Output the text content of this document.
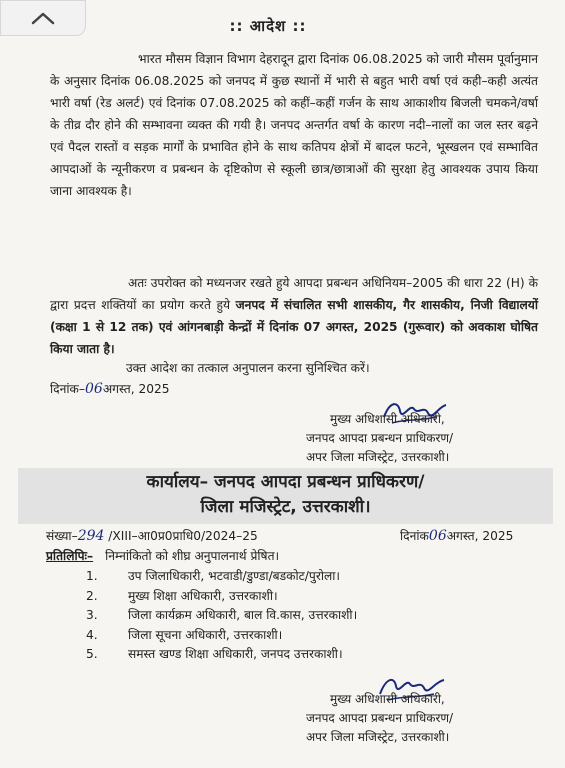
:: आदेश ::
भारत मौसम विज्ञान विभाग देहरादून द्वारा दिनांक 06.08.2025 को जारी मौसम पूर्वानुमान के अनुसार दिनांक 06.08.2025 को जनपद में कुछ स्थानों में भारी से बहुत भारी वर्षा एवं कही–कही अत्यंत भारी वर्षा (रेड अलर्ट) एवं दिनांक 07.08.2025 को कहीं–कहीं गर्जन के साथ आकाशीय बिजली चमकने/वर्षा के तीव्र दौर होने की सम्भावना व्यक्त की गयी है। जनपद अन्तर्गत वर्षा के कारण नदी–नालों का जल स्तर बढ़ने एवं पैदल रास्तों व सड़क मार्गों के प्रभावित होने के साथ कतिपय क्षेत्रों में बादल फटने, भूस्खलन एवं सम्भावित आपदाओं के न्यूनीकरण व प्रबन्धन के दृष्टिकोण से स्कूली छात्र/छात्राओं की सुरक्षा हेतु आवश्यक उपाय किया जाना आवश्यक है।
अतः उपरोक्त को मध्यनजर रखते हुये आपदा प्रबन्धन अधिनियम–2005 की धारा 22 (H) के द्वारा प्रदत्त शक्तियों का प्रयोग करते हुये जनपद में संचालित सभी शासकीय, गैर शासकीय, निजी विद्यालयों (कक्षा 1 से 12 तक) एवं आंगनबाड़ी केन्द्रों में दिनांक 07 अगस्त, 2025 (गुरूवार) को अवकाश घोषित किया जाता है।
उक्त आदेश का तत्काल अनुपालन करना सुनिश्चित करें।
दिनांक–06अगस्त, 2025
मुख्य अधिशासी अधिकारी,
जनपद आपदा प्रबन्धन प्राधिकरण/
अपर जिला मजिस्ट्रेट, उत्तरकाशी।
कार्यालय– जनपद आपदा प्रबन्धन प्राधिकरण/
जिला मजिस्ट्रेट, उत्तरकाशी।
संख्या–294 /XIII–आ0प्र0प्राधि0/2024–25	दिनांक06अगस्त, 2025
प्रतिलिपिः– निम्नांकितो को शीघ्र अनुपालनार्थ प्रेषित।
1. उप जिलाधिकारी, भटवाडी/डुण्डा/बडकोट/पुरोला।
2. मुख्य शिक्षा अधिकारी, उत्तरकाशी।
3. जिला कार्यक्रम अधिकारी, बाल वि.कास, उत्तरकाशी।
4. जिला सूचना अधिकारी, उत्तरकाशी।
5. समस्त खण्ड शिक्षा अधिकारी, जनपद उत्तरकाशी।
मुख्य अधिशासी अधिकारी,
जनपद आपदा प्रबन्धन प्राधिकरण/
अपर जिला मजिस्ट्रेट, उत्तरकाशी।
